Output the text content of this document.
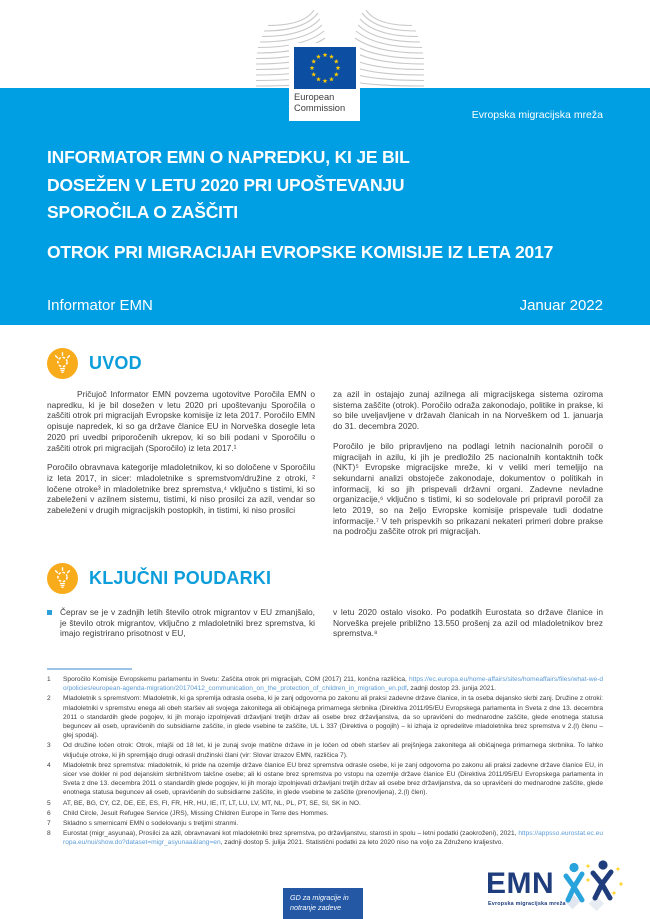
Evropska migracijska mreža
INFORMATOR EMN O NAPREDKU, KI JE BIL DOSEŽEN V LETU 2020 PRI UPOŠTEVANJU SPOROČILA O ZAŠČITI
OTROK PRI MIGRACIJAH EVROPSKE KOMISIJE IZ LETA 2017
Informator EMN	Januar 2022
European
Commission
UVOD

Pričujoč Informator EMN povzema ugotovitve Poročila EMN o napredku, ki je bil dosežen v letu 2020 pri upoštevanju Sporočila o zaščiti otrok pri migracijah Evropske komisije iz leta 2017. Poročilo EMN opisuje napredek, ki so ga države članice EU in Norveška dosegle leta 2020 pri uvedbi priporočenih ukrepov, ki so bili podani v Sporočilu o zaščiti otrok pri migracijah (Sporočilo) iz leta 2017.¹

Poročilo obravnava kategorije mladoletnikov, ki so določene v Sporočilu iz leta 2017, in sicer: mladoletnike s spremstvom/družine z otroki, ² ločene otroke³ in mladoletnike brez spremstva,⁴ vključno s tistimi, ki so zabeleženi v azilnem sistemu, tistimi, ki niso prosilci za azil, vendar so zabeleženi v drugih migracijskih postopkih, in tistimi, ki niso prosilci

za azil in ostajajo zunaj azilnega ali migracijskega sistema oziroma sistema zaščite (otrok). Poročilo odraža zakonodajo, politike in prakse, ki so bile uveljavljene v državah članicah in na Norveškem od 1. januarja do 31. decembra 2020.

Poročilo je bilo pripravljeno na podlagi letnih nacionalnih poročil o migracijah in azilu, ki jih je predložilo 25 nacionalnih kontaktnih točk (NKT)⁵ Evropske migracijske mreže, ki v veliki meri temeljijo na sekundarni analizi obstoječe zakonodaje, dokumentov o politikah in informacij, ki so jih prispevali državni organi. Zadevne nevladne organizacije,⁶ vključno s tistimi, ki so sodelovale pri pripravil poročil za leto 2019, so na željo Evropske komisije prispevale tudi dodatne informacije.⁷ V teh prispevkih so prikazani nekateri primeri dobre prakse na področju zaščite otrok pri migracijah.

KLJUČNI POUDARKI
Čeprav se je v zadnjih letih število otrok migrantov v EU zmanjšalo, je število otrok migrantov, vključno z mladoletniki brez spremstva, ki imajo registrirano prisotnost v EU,

v letu 2020 ostalo visoko. Po podatkih Eurostata so države članice in Norveška prejele približno 13.550 prošenj za azil od mladoletnikov brez spremstva.⁸

1	Sporočilo Komisije Evropskemu parlamentu in Svetu: Zaščita otrok pri migracijah, COM (2017) 211, končna različica, https://ec.europa.eu/home-affairs/sites/homeaffairs/files/what-we-do/policies/european-agenda-migration/20170412_communication_on_the_protection_of_children_in_migration_en.pdf, zadnji dostop 23. junija 2021.
2	Mladoletnik s spremstvom: Mladoletnik, ki ga spremlja odrasla oseba, ki je zanj odgovorna po zakonu ali praksi zadevne države članice, in ta oseba dejansko skrbi zanj. Družine z otroki: mladoletniki v spremstvu enega ali obeh staršev ali svojega zakonitega ali običajnega primarnega skrbnika (Direktiva 2011/95/EU Evropskega parlamenta in Sveta z dne 13. decembra 2011 o standardih glede pogojev, ki jih morajo izpolnjevati državljani tretjih držav ali osebe brez državljanstva, da so upravičeni do mednarodne zaščite, glede enotnega statusa beguncev ali oseb, upravičenih do subsidiarne zaščite, in glede vsebine te zaščite, UL L 337 (Direktiva o pogojih) – ki izhaja iz opredelitve mladoletnika brez spremstva v 2.(l) členu – glej spodaj).
3	Od družine ločen otrok: Otrok, mlajši od 18 let, ki je zunaj svoje matične države in je ločen od obeh staršev ali prejšnjega zakonitega ali običajnega primarnega skrbnika. To lahko vključuje otroke, ki jih spremljajo drugi odrasli družinski člani (vir: Slovar izrazov EMN, različica 7).
4	Mladoletnik brez spremstva: mladoletnik, ki pride na ozemlje države članice EU brez spremstva odrasle osebe, ki je zanj odgovorna po zakonu ali praksi zadevne države članice EU, in sicer vse dokler ni pod dejanskim skrbništvom takšne osebe; ali ki ostane brez spremstva po vstopu na ozemlje države članice EU (Direktiva 2011/95/EU Evropskega parlamenta in Sveta z dne 13. decembra 2011 o standardih glede pogojev, ki jih morajo izpolnjevati državljani tretjih držav ali osebe brez državljanstva, da so upravičeni do mednarodne zaščite, glede enotnega statusa beguncev ali oseb, upravičenih do subsidiarne zaščite, in glede vsebine te zaščite (prenovljena), 2.(l) člen).
5	AT, BE, BG, CY, CZ, DE, EE, ES, FI, FR, HR, HU, IE, IT, LT, LU, LV, MT, NL, PL, PT, SE, SI, SK in NO.
6	Child Circle, Jesuit Refugee Service (JRS), Missing Children Europe in Terre des Hommes.
7	Skladno s smernicami EMN o sodelovanju s tretjimi stranmi.
8	Eurostat (migr_asyunaa), Prosilci za azil, obravnavani kot mladoletniki brez spremstva, po državljanstvu, starosti in spolu – letni podatki (zaokroženi), 2021, https://appsso.eurostat.ec.europa.eu/nui/show.do?dataset=migr_asyunaa&lang=en, zadnji dostop 5. julija 2021. Statistični podatki za leto 2020 niso na voljo za Združeno kraljestvo.
GD za migracije in notranje zadeve
EMN
Evropska migracijska mreža
